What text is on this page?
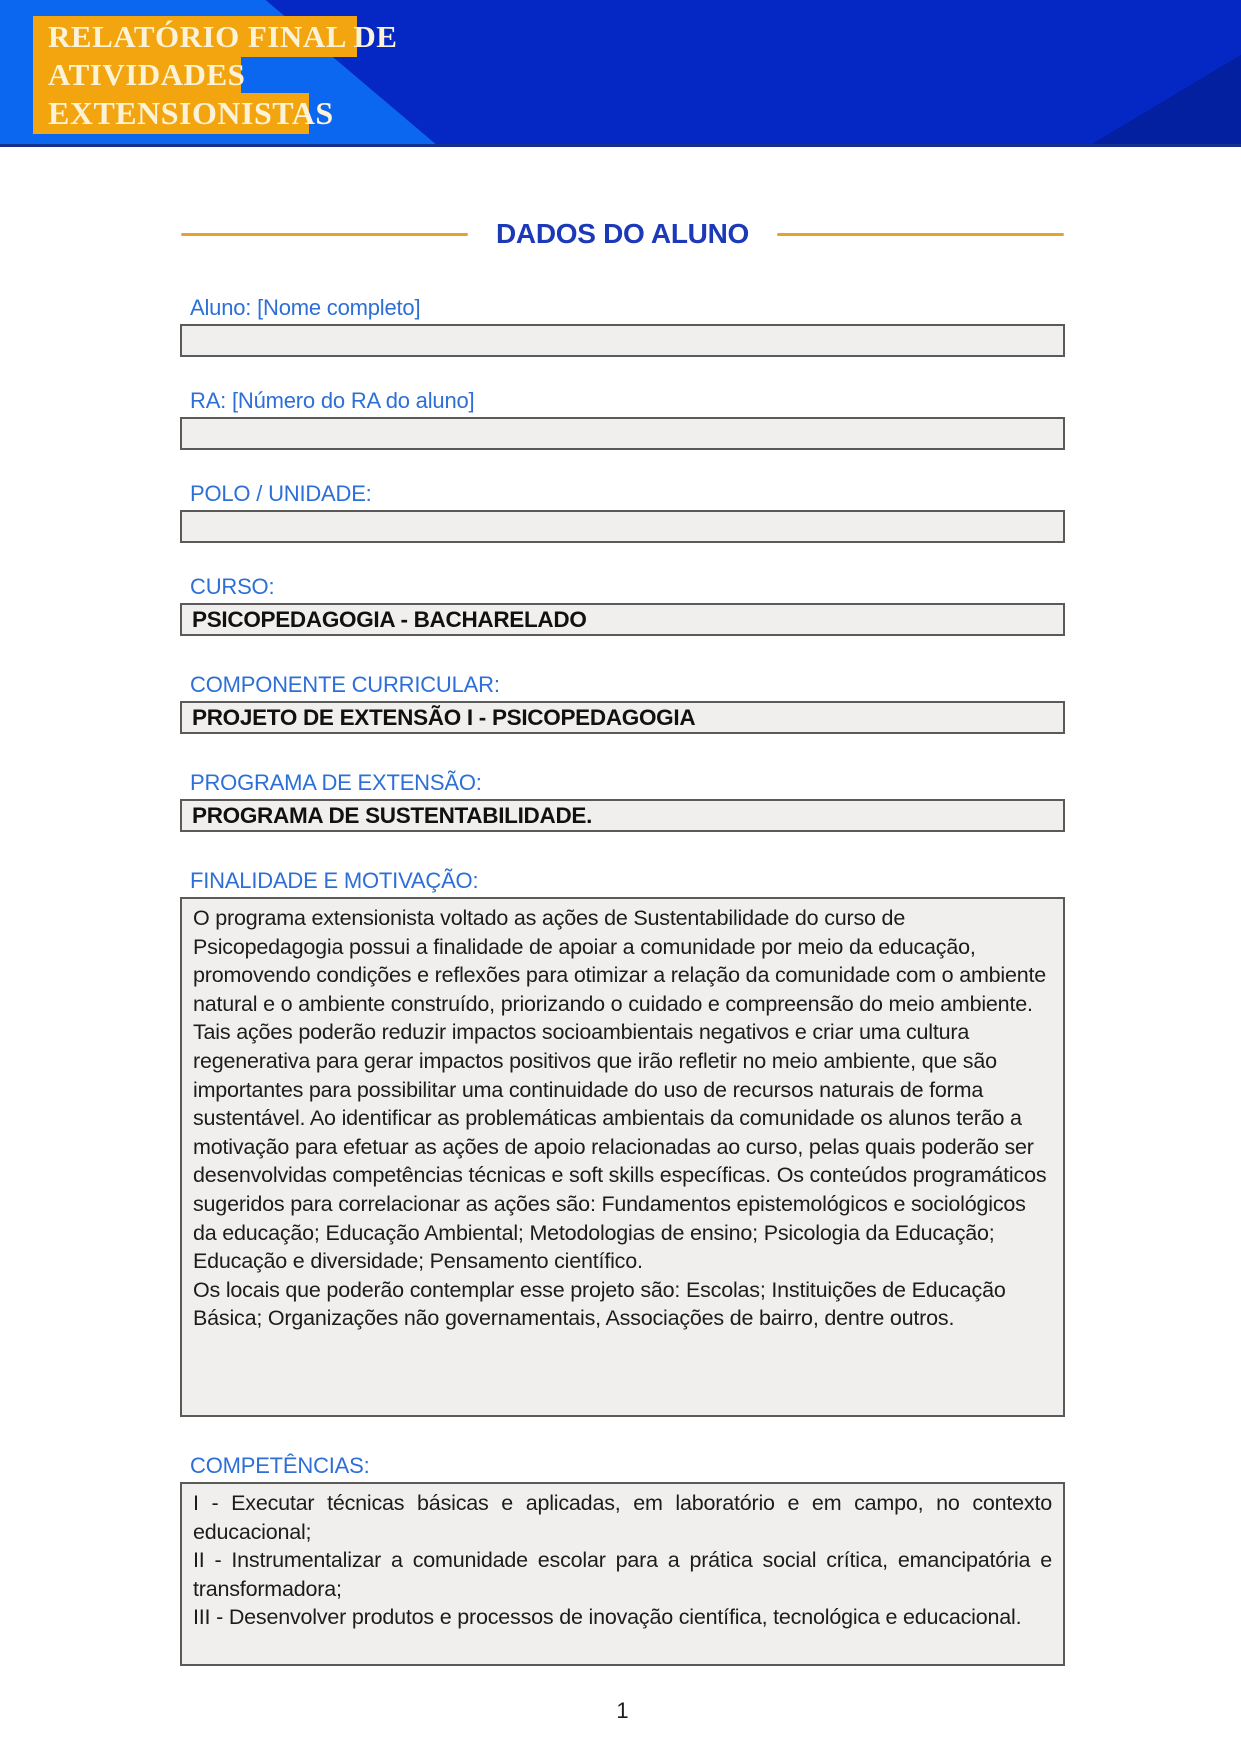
RELATÓRIO FINAL DE
ATIVIDADES
EXTENSIONISTAS
DADOS DO ALUNO
Aluno: [Nome completo]
RA: [Número do RA do aluno]
POLO / UNIDADE:
CURSO:
PSICOPEDAGOGIA - BACHARELADO
COMPONENTE CURRICULAR:
PROJETO DE EXTENSÃO I - PSICOPEDAGOGIA
PROGRAMA DE EXTENSÃO:
PROGRAMA DE SUSTENTABILIDADE.
FINALIDADE E MOTIVAÇÃO:

O programa extensionista voltado as ações de Sustentabilidade do curso de Psicopedagogia possui a finalidade de apoiar a comunidade por meio da educação, promovendo condições e reflexões para otimizar a relação da comunidade com o ambiente natural e o ambiente construído, priorizando o cuidado e compreensão do meio ambiente. Tais ações poderão reduzir impactos socioambientais negativos e criar uma cultura regenerativa para gerar impactos positivos que irão refletir no meio ambiente, que são importantes para possibilitar uma continuidade do uso de recursos naturais de forma sustentável. Ao identificar as problemáticas ambientais da comunidade os alunos terão a motivação para efetuar as ações de apoio relacionadas ao curso, pelas quais poderão ser desenvolvidas competências técnicas e soft skills específicas. Os conteúdos programáticos sugeridos para correlacionar as ações são: Fundamentos epistemológicos e sociológicos da educação; Educação Ambiental; Metodologias de ensino; Psicologia da Educação; Educação e diversidade; Pensamento científico.

Os locais que poderão contemplar esse projeto são: Escolas; Instituições de Educação Básica; Organizações não governamentais, Associações de bairro, dentre outros.

COMPETÊNCIAS:

I - Executar técnicas básicas e aplicadas, em laboratório e em campo, no contexto educacional;

II - Instrumentalizar a comunidade escolar para a prática social crítica, emancipatória e transformadora;

III - Desenvolver produtos e processos de inovação científica, tecnológica e educacional.

1
